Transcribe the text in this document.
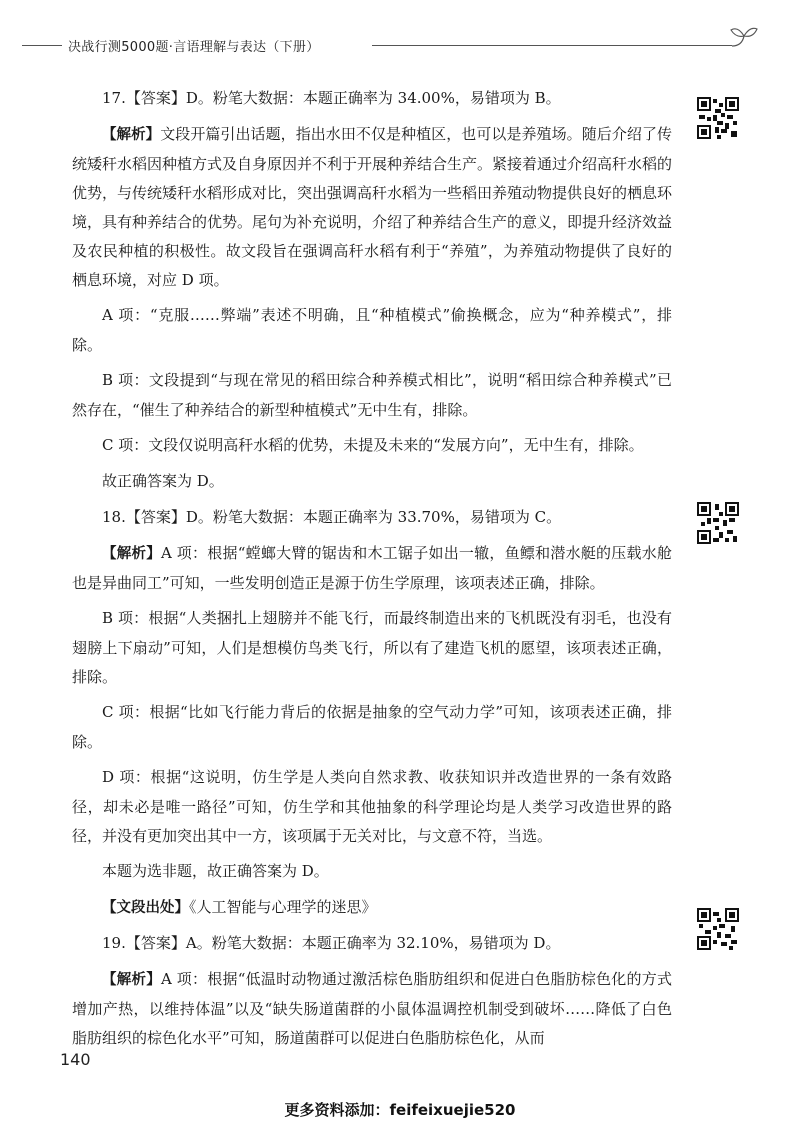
决战行测5000题·言语理解与表达（下册）

17.【答案】D。粉笔大数据：本题正确率为 34.00%，易错项为 B。

【解析】文段开篇引出话题，指出水田不仅是种植区，也可以是养殖场。随后介绍了传统矮秆水稻因种植方式及自身原因并不利于开展种养结合生产。紧接着通过介绍高秆水稻的优势，与传统矮秆水稻形成对比，突出强调高秆水稻为一些稻田养殖动物提供良好的栖息环境，具有种养结合的优势。尾句为补充说明，介绍了种养结合生产的意义，即提升经济效益及农民种植的积极性。故文段旨在强调高秆水稻有利于“养殖”，为养殖动物提供了良好的栖息环境，对应 D 项。

A 项：“克服……弊端”表述不明确，且“种植模式”偷换概念，应为“种养模式”，排除。

B 项：文段提到“与现在常见的稻田综合种养模式相比”，说明“稻田综合种养模式”已然存在，“催生了种养结合的新型种植模式”无中生有，排除。

C 项：文段仅说明高秆水稻的优势，未提及未来的“发展方向”，无中生有，排除。

故正确答案为 D。

18.【答案】D。粉笔大数据：本题正确率为 33.70%，易错项为 C。

【解析】A 项：根据“螳螂大臂的锯齿和木工锯子如出一辙，鱼鳔和潜水艇的压载水舱也是异曲同工”可知，一些发明创造正是源于仿生学原理，该项表述正确，排除。

B 项：根据“人类捆扎上翅膀并不能飞行，而最终制造出来的飞机既没有羽毛，也没有翅膀上下扇动”可知，人们是想模仿鸟类飞行，所以有了建造飞机的愿望，该项表述正确，排除。

C 项：根据“比如飞行能力背后的依据是抽象的空气动力学”可知，该项表述正确，排除。

D 项：根据“这说明，仿生学是人类向自然求教、收获知识并改造世界的一条有效路径，却未必是唯一路径”可知，仿生学和其他抽象的科学理论均是人类学习改造世界的路径，并没有更加突出其中一方，该项属于无关对比，与文意不符，当选。

本题为选非题，故正确答案为 D。

【文段出处】《人工智能与心理学的迷思》

19.【答案】A。粉笔大数据：本题正确率为 32.10%，易错项为 D。

【解析】A 项：根据“低温时动物通过激活棕色脂肪组织和促进白色脂肪棕色化的方式增加产热，以维持体温”以及“缺失肠道菌群的小鼠体温调控机制受到破坏……降低了白色脂肪组织的棕色化水平”可知，肠道菌群可以促进白色脂肪棕色化，从而

140
更多资料添加：feifeixuejie520
